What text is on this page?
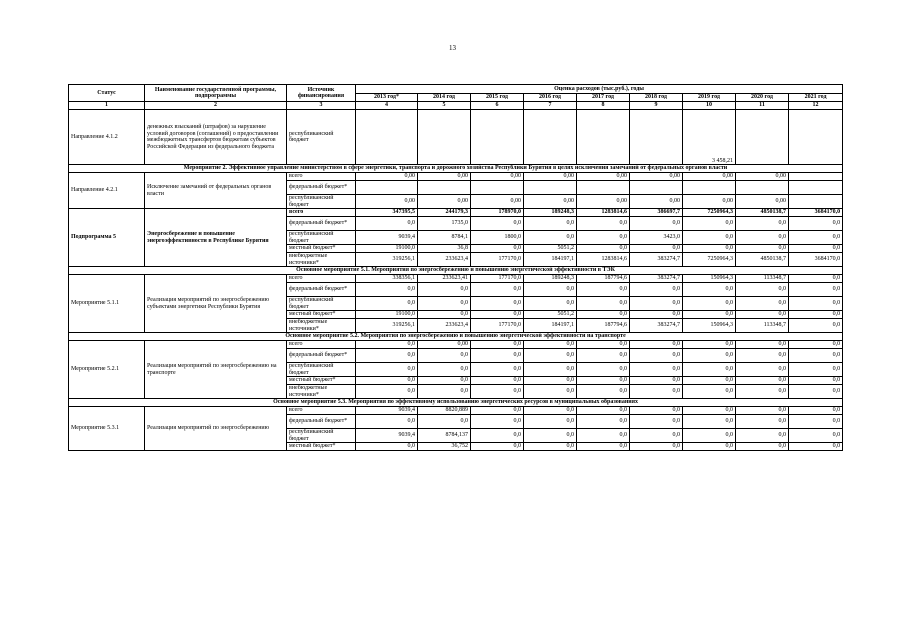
13
Статус	Наименование государственной программы, подпрограммы	Источник финансирования	Оценка расходов (тыс.руб.), годы								
			2013 год*	2014 год	2015 год	2016 год	2017 год	2018 год	2019 год	2020 год	2021 год
1	2	3	4	5	6	7	8	9	10	11	12
Направление 4.1.2	денежных взысканий (штрафов) за нарушение условий договоров (соглашений) о предоставлении межбюджетных трансфертов бюджетам субъектов Российской Федерации из федерального бюджета	республиканский бюджет							3 458,21		
Мероприятие 2. Эффективное управление министерством в сфере энергетики, транспорта и дорожного хозяйства Республики Бурятия в целях исключения замечаний от федеральных органов власти											
Направление 4.2.1	Исключение замечаний от федеральных органов власти	всего	0,00	0,00	0,00	0,00	0,00	0,00	0,00	0,00	
		федеральный бюджет*									
		республиканский бюджет	0,00	0,00	0,00	0,00	0,00	0,00	0,00	0,00	
Подпрограмма 5	Энергосбережение и повышение энергоэффективности в Республике Бурятия	всего	347395,5	244179,3	178970,0	189248,3	1283814,6	386697,7	7250964,3	4850138,7	3684170,0
		федеральный бюджет*	0,0	1735,0	0,0	0,0	0,0	0,0	0,0	0,0	0,0
		республиканский бюджет	9039,4	8784,1	1800,0	0,0	0,0	3423,0	0,0	0,0	0,0
		местный бюджет*	19100,0	36,8	0,0	5051,2	0,0	0,0	0,0	0,0	0,0
		внебюджетные источники*	319256,1	233623,4	177170,0	184197,1	1283814,6	383274,7	7250964,3	4850138,7	3684170,0
Основное мероприятие 5.1. Мероприятия по энергосбережению и повышению энергетической эффективности в ТЭК											
Мероприятие 5.1.1	Реализация мероприятий по энергосбережению субъектами энергетики Республики Бурятия	всего	338356,1	233623,41	177170,0	189248,3	187794,6	383274,7	150964,3	113348,7	0,0
		федеральный бюджет*	0,0	0,0	0,0	0,0	0,0	0,0	0,0	0,0	0,0
		республиканский бюджет	0,0	0,0	0,0	0,0	0,0	0,0	0,0	0,0	0,0
		местный бюджет*	19100,0	0,0	0,0	5051,2	0,0	0,0	0,0	0,0	0,0
		внебюджетные источники*	319256,1	233623,4	177170,0	184197,1	187794,6	383274,7	150964,3	113348,7	0,0
Основное мероприятие 5.2. Мероприятия по энергосбережению и повышению энергетической эффективности на транспорте											
Мероприятие 5.2.1	Реализация мероприятий по энергосбережению на транспорте	всего	0,0	0,00	0,0	0,0	0,0	0,0	0,0	0,0	0,0
		федеральный бюджет*	0,0	0,0	0,0	0,0	0,0	0,0	0,0	0,0	0,0
		республиканский бюджет	0,0	0,0	0,0	0,0	0,0	0,0	0,0	0,0	0,0
		местный бюджет*	0,0	0,0	0,0	0,0	0,0	0,0	0,0	0,0	0,0
		внебюджетные источники*	0,0	0,0	0,0	0,0	0,0	0,0	0,0	0,0	0,0
Основное мероприятие 5.3. Мероприятия по эффективному использованию энергетических ресурсов в муниципальных образованиях											
Мероприятие 5.3.1	Реализация мероприятий по энергосбережению	всего	9039,4	8820,889	0,0	0,0	0,0	0,0	0,0	0,0	0,0
		федеральный бюджет*	0,0	0,0	0,0	0,0	0,0	0,0	0,0	0,0	0,0
		республиканский бюджет	9039,4	8784,137	0,0	0,0	0,0	0,0	0,0	0,0	0,0
		местный бюджет*	0,0	36,752	0,0	0,0	0,0	0,0	0,0	0,0	0,0
